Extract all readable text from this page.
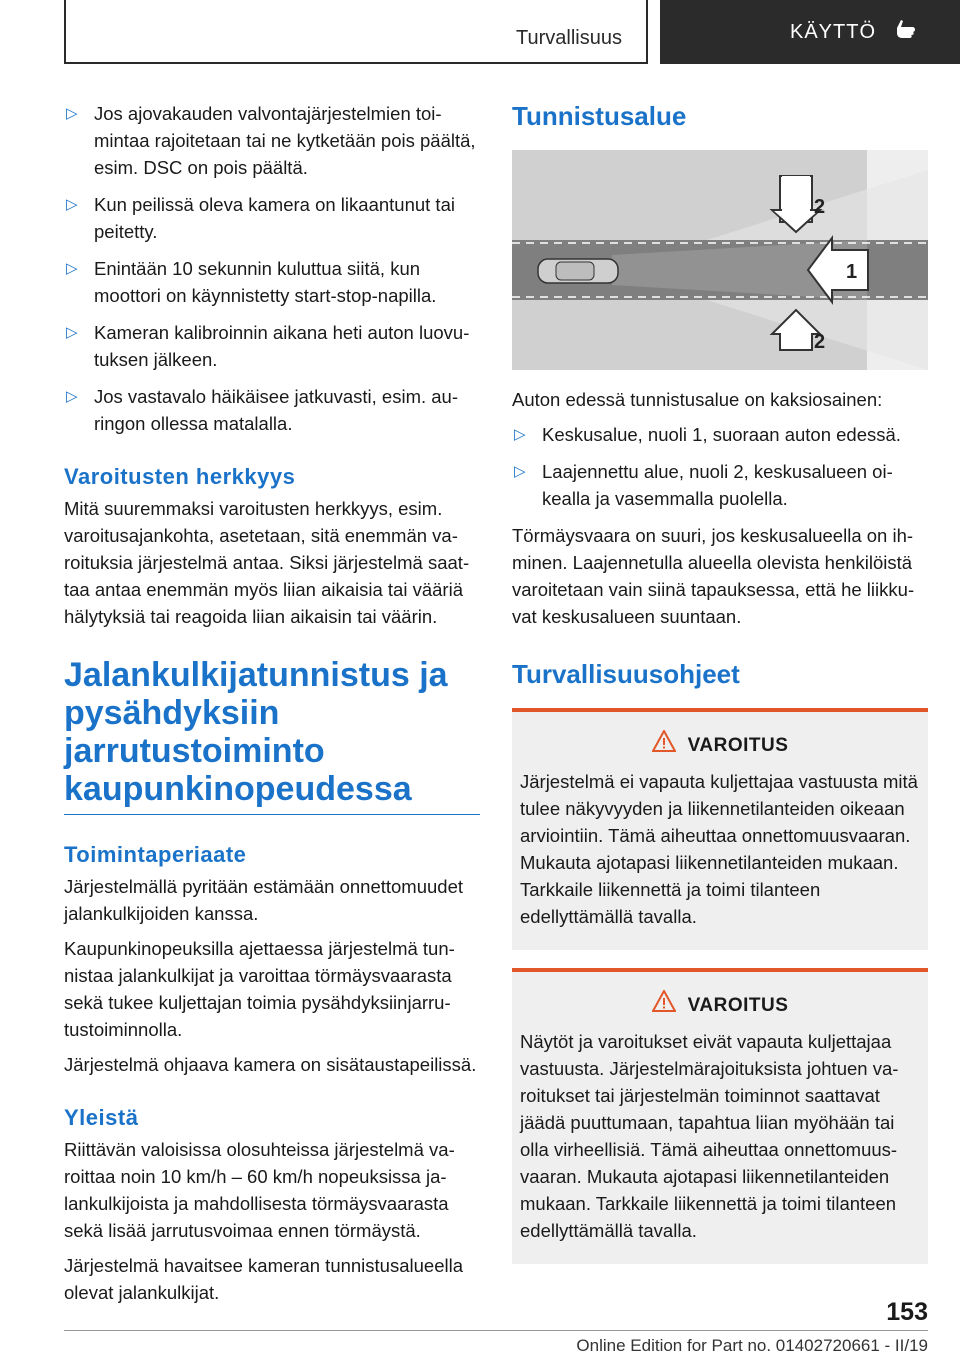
Turvallisuus	KÄYTTÖ
▷ Jos ajovakauden valvontajärjestelmien toimintaa rajoitetaan tai ne kytketään pois päältä, esim. DSC on pois päältä.
▷ Kun peilissä oleva kamera on likaantunut tai peitetty.
▷ Enintään 10 sekunnin kuluttua siitä, kun moottori on käynnistetty start-stop-napilla.
▷ Kameran kalibroinnin aikana heti auton luovutuksen jälkeen.
▷ Jos vastavalo häikäisee jatkuvasti, esim. auringon ollessa matalalla.
Varoitusten herkkyys

Mitä suuremmaksi varoitusten herkkyys, esim. varoitusajankohta, asetetaan, sitä enemmän varoituksia järjestelmä antaa. Siksi järjestelmä saattaa antaa enemmän myös liian aikaisia tai vääriä hälytyksiä tai reagoida liian aikaisin tai väärin.

Jalankulkijatunnistus ja pysähdyksiin jarrutustoiminto kaupunkinopeudessa
Toimintaperiaate

Järjestelmällä pyritään estämään onnettomuudet jalankulkijoiden kanssa.

Kaupunkinopeuksilla ajettaessa järjestelmä tunnistaa jalankulkijat ja varoittaa törmäysvaarasta sekä tukee kuljettajan toimia pysähdyksiinjarrutustoiminnolla.

Järjestelmä ohjaava kamera on sisätaustapeilissä.

Yleistä

Riittävän valoisissa olosuhteissa järjestelmä varoittaa noin 10 km/h – 60 km/h nopeuksissa jalankulkijoista ja mahdollisesta törmäysvaarasta sekä lisää jarrutusvoimaa ennen törmäystä.

Järjestelmä havaitsee kameran tunnistusalueella olevat jalankulkijat.

Tunnistusalue
2
1
2

Auton edessä tunnistusalue on kaksiosainen:

▷ Keskusalue, nuoli 1, suoraan auton edessä.
▷ Laajennettu alue, nuoli 2, keskusalueen oikealla ja vasemmalla puolella.

Törmäysvaara on suuri, jos keskusalueella on ihminen. Laajennetulla alueella olevista henkilöistä varoitetaan vain siinä tapauksessa, että he liikkuvat keskusalueen suuntaan.

Turvallisuusohjeet
VAROITUS
Järjestelmä ei vapauta kuljettajaa vastuusta mitä tulee näkyvyyden ja liikennetilanteiden oikeaan arviointiin. Tämä aiheuttaa onnettomuusvaaran. Mukauta ajotapasi liikennetilanteiden mukaan. Tarkkaile liikennettä ja toimi tilanteen edellyttämällä tavalla.
VAROITUS
Näytöt ja varoitukset eivät vapauta kuljettajaa vastuusta. Järjestelmärajoituksista johtuen varoitukset tai järjestelmän toiminnot saattavat jäädä puuttumaan, tapahtua liian myöhään tai olla virheellisiä. Tämä aiheuttaa onnettomuusvaaran. Mukauta ajotapasi liikennetilanteiden mukaan. Tarkkaile liikennettä ja toimi tilanteen edellyttämällä tavalla.
153
Online Edition for Part no. 01402720661 - II/19
